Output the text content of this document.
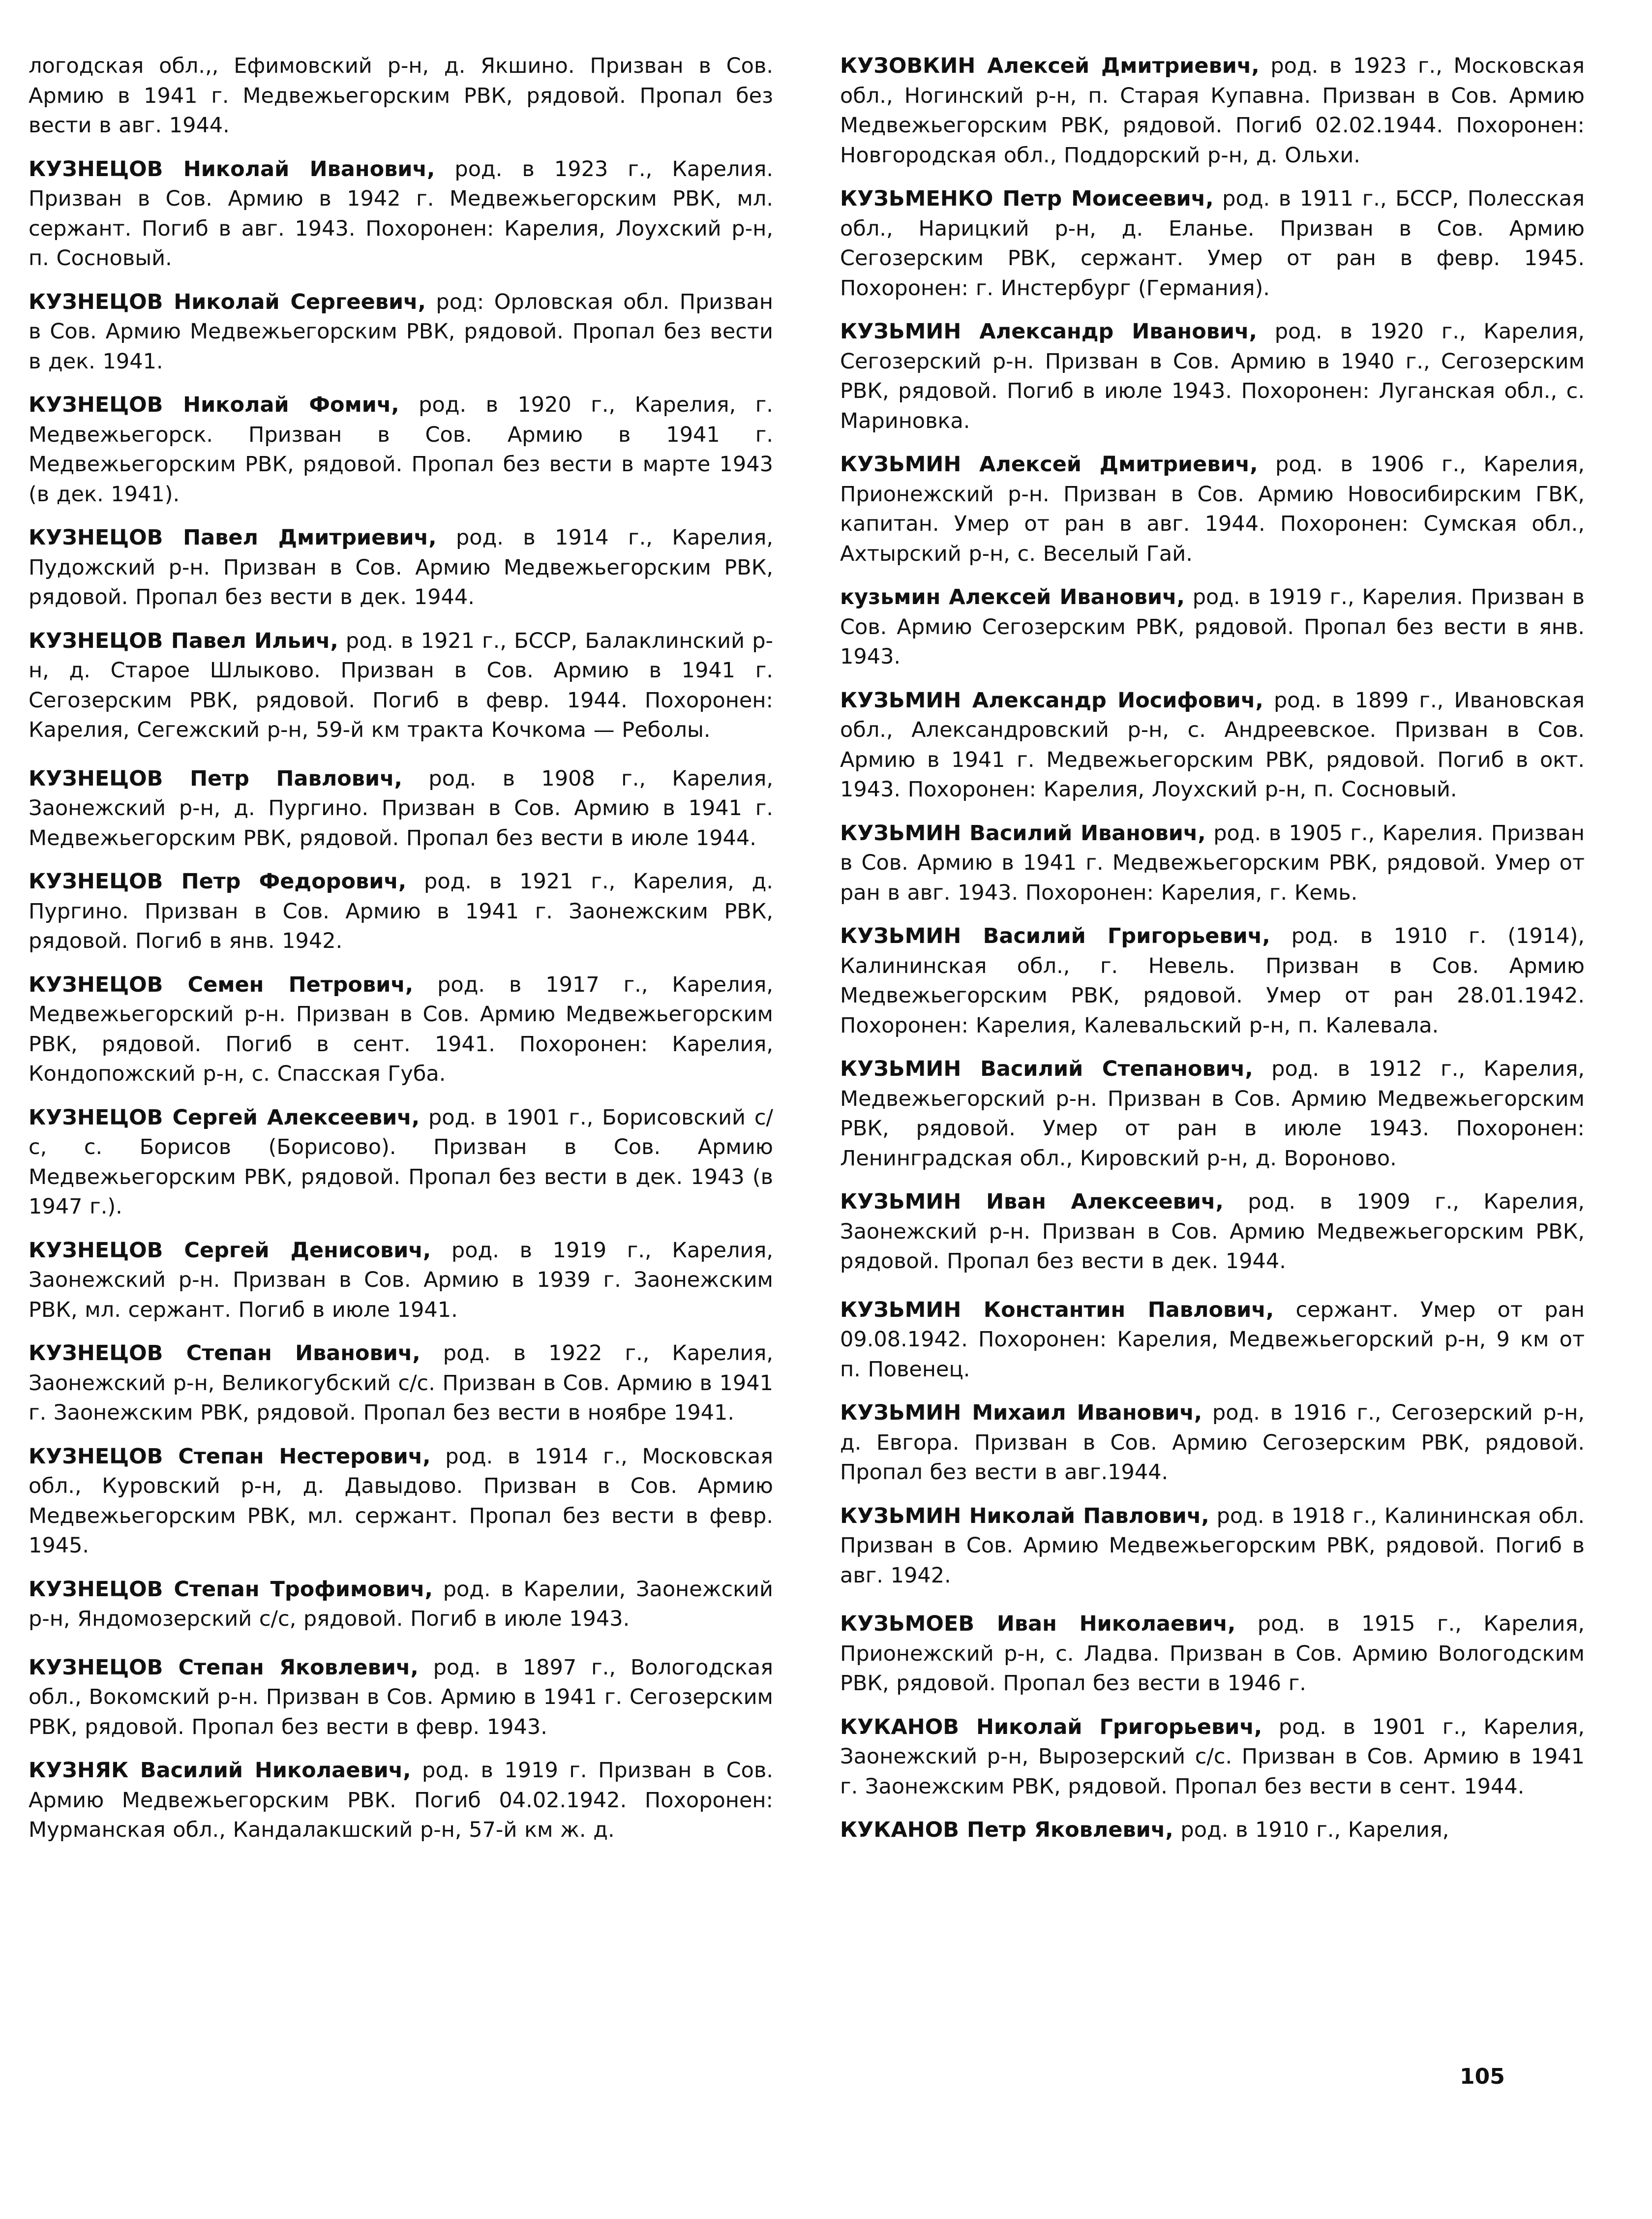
логодская обл.,, Ефимовский р-н, д. Якшино. Призван в Сов. Армию в 1941 г. Медвежьегорским РВК, рядовой. Пропал без вести в авг. 1944.

КУЗНЕЦОВ Николай Иванович, род. в 1923 г., Карелия. Призван в Сов. Армию в 1942 г. Медвежьегорским РВК, мл. сержант. Погиб в авг. 1943. Похоронен: Карелия, Лоухский р-н, п. Сосновый.

КУЗНЕЦОВ Николай Сергеевич, род: Орловская обл. Призван в Сов. Армию Медвежьегорским РВК, рядовой. Пропал без вести в дек. 1941.

КУЗНЕЦОВ Николай Фомич, род. в 1920 г., Карелия, г. Медвежьегорск. Призван в Сов. Армию в 1941 г. Медвежьегорским РВК, рядовой. Пропал без вести в марте 1943 (в дек. 1941).

КУЗНЕЦОВ Павел Дмитриевич, род. в 1914 г., Карелия, Пудожский р-н. Призван в Сов. Армию Медвежьегорским РВК, рядовой. Пропал без вести в дек. 1944.

КУЗНЕЦОВ Павел Ильич, род. в 1921 г., БССР, Балаклинский р-н, д. Старое Шлыково. Призван в Сов. Армию в 1941 г. Сегозерским РВК, рядовой. Погиб в февр. 1944. Похоронен: Карелия, Сегежский р-н, 59-й км тракта Кочкома — Реболы.

КУЗНЕЦОВ Петр Павлович, род. в 1908 г., Карелия, Заонежский р-н, д. Пургино. Призван в Сов. Армию в 1941 г. Медвежьегорским РВК, рядовой. Пропал без вести в июле 1944.

КУЗНЕЦОВ Петр Федорович, род. в 1921 г., Карелия, д. Пургино. Призван в Сов. Армию в 1941 г. Заонежским РВК, рядовой. Погиб в янв. 1942.

КУЗНЕЦОВ Семен Петрович, род. в 1917 г., Карелия, Медвежьегорский р-н. Призван в Сов. Армию Медвежьегорским РВК, рядовой. Погиб в сент. 1941. Похоронен: Карелия, Кондопожский р-н, с. Спасская Губа.

КУЗНЕЦОВ Сергей Алексеевич, род. в 1901 г., Борисовский с/с, с. Борисов (Борисово). Призван в Сов. Армию Медвежьегорским РВК, рядовой. Пропал без вести в дек. 1943 (в 1947 г.).

КУЗНЕЦОВ Сергей Денисович, род. в 1919 г., Карелия, Заонежский р-н. Призван в Сов. Армию в 1939 г. Заонежским РВК, мл. сержант. Погиб в июле 1941.

КУЗНЕЦОВ Степан Иванович, род. в 1922 г., Карелия, Заонежский р-н, Великогубский с/с. Призван в Сов. Армию в 1941 г. Заонежским РВК, рядовой. Пропал без вести в ноябре 1941.

КУЗНЕЦОВ Степан Нестерович, род. в 1914 г., Московская обл., Куровский р-н, д. Давыдово. Призван в Сов. Армию Медвежьегорским РВК, мл. сержант. Пропал без вести в февр. 1945.

КУЗНЕЦОВ Степан Трофимович, род. в Карелии, Заонежский р-н, Яндомозерский с/с, рядовой. Погиб в июле 1943.

КУЗНЕЦОВ Степан Яковлевич, род. в 1897 г., Вологодская обл., Вокомский р-н. Призван в Сов. Армию в 1941 г. Сегозерским РВК, рядовой. Пропал без вести в февр. 1943.

КУЗНЯК Василий Николаевич, род. в 1919 г. Призван в Сов. Армию Медвежьегорским РВК. Погиб 04.02.1942. Похоронен: Мурманская обл., Кандалакшский р-н, 57-й км ж. д.

КУЗОВКИН Алексей Дмитриевич, род. в 1923 г., Московская обл., Ногинский р-н, п. Старая Купавна. Призван в Сов. Армию Медвежьегорским РВК, рядовой. Погиб 02.02.1944. Похоронен: Новгородская обл., Поддорский р-н, д. Ольхи.

КУЗЬМЕНКО Петр Моисеевич, род. в 1911 г., БССР, Полесская обл., Нарицкий р-н, д. Еланье. Призван в Сов. Армию Сегозерским РВК, сержант. Умер от ран в февр. 1945. Похоронен: г. Инстербург (Германия).

КУЗЬМИН Александр Иванович, род. в 1920 г., Карелия, Сегозерский р-н. Призван в Сов. Армию в 1940 г., Сегозерским РВК, рядовой. Погиб в июле 1943. Похоронен: Луганская обл., с. Мариновка.

КУЗЬМИН Алексей Дмитриевич, род. в 1906 г., Карелия, Прионежский р-н. Призван в Сов. Армию Новосибирским ГВК, капитан. Умер от ран в авг. 1944. Похоронен: Сумская обл., Ахтырский р-н, с. Веселый Гай.

кузьмин Алексей Иванович, род. в 1919 г., Карелия. Призван в Сов. Армию Сегозерским РВК, рядовой. Пропал без вести в янв. 1943.

КУЗЬМИН Александр Иосифович, род. в 1899 г., Ивановская обл., Александровский р-н, с. Андреевское. Призван в Сов. Армию в 1941 г. Медвежьегорским РВК, рядовой. Погиб в окт. 1943. Похоронен: Карелия, Лоухский р-н, п. Сосновый.

КУЗЬМИН Василий Иванович, род. в 1905 г., Карелия. Призван в Сов. Армию в 1941 г. Медвежьегорским РВК, рядовой. Умер от ран в авг. 1943. Похоронен: Карелия, г. Кемь.

КУЗЬМИН Василий Григорьевич, род. в 1910 г. (1914), Калининская обл., г. Невель. Призван в Сов. Армию Медвежьегорским РВК, рядовой. Умер от ран 28.01.1942. Похоронен: Карелия, Калевальский р-н, п. Калевала.

КУЗЬМИН Василий Степанович, род. в 1912 г., Карелия, Медвежьегорский р-н. Призван в Сов. Армию Медвежьегорским РВК, рядовой. Умер от ран в июле 1943. Похоронен: Ленинградская обл., Кировский р-н, д. Вороново.

КУЗЬМИН Иван Алексеевич, род. в 1909 г., Карелия, Заонежский р-н. Призван в Сов. Армию Медвежьегорским РВК, рядовой. Пропал без вести в дек. 1944.

КУЗЬМИН Константин Павлович, сержант. Умер от ран 09.08.1942. Похоронен: Карелия, Медвежьегорский р-н, 9 км от п. Повенец.

КУЗЬМИН Михаил Иванович, род. в 1916 г., Сегозерский р-н, д. Евгора. Призван в Сов. Армию Сегозерским РВК, рядовой. Пропал без вести в авг.1944.

КУЗЬМИН Николай Павлович, род. в 1918 г., Калининская обл. Призван в Сов. Армию Медвежьегорским РВК, рядовой. Погиб в авг. 1942.

КУЗЬМОЕВ Иван Николаевич, род. в 1915 г., Карелия, Прионежский р-н, с. Ладва. Призван в Сов. Армию Вологодским РВК, рядовой. Пропал без вести в 1946 г.

КУКАНОВ Николай Григорьевич, род. в 1901 г., Карелия, Заонежский р-н, Вырозерский с/с. Призван в Сов. Армию в 1941 г. Заонежским РВК, рядовой. Пропал без вести в сент. 1944.

КУКАНОВ Петр Яковлевич, род. в 1910 г., Карелия,

105
